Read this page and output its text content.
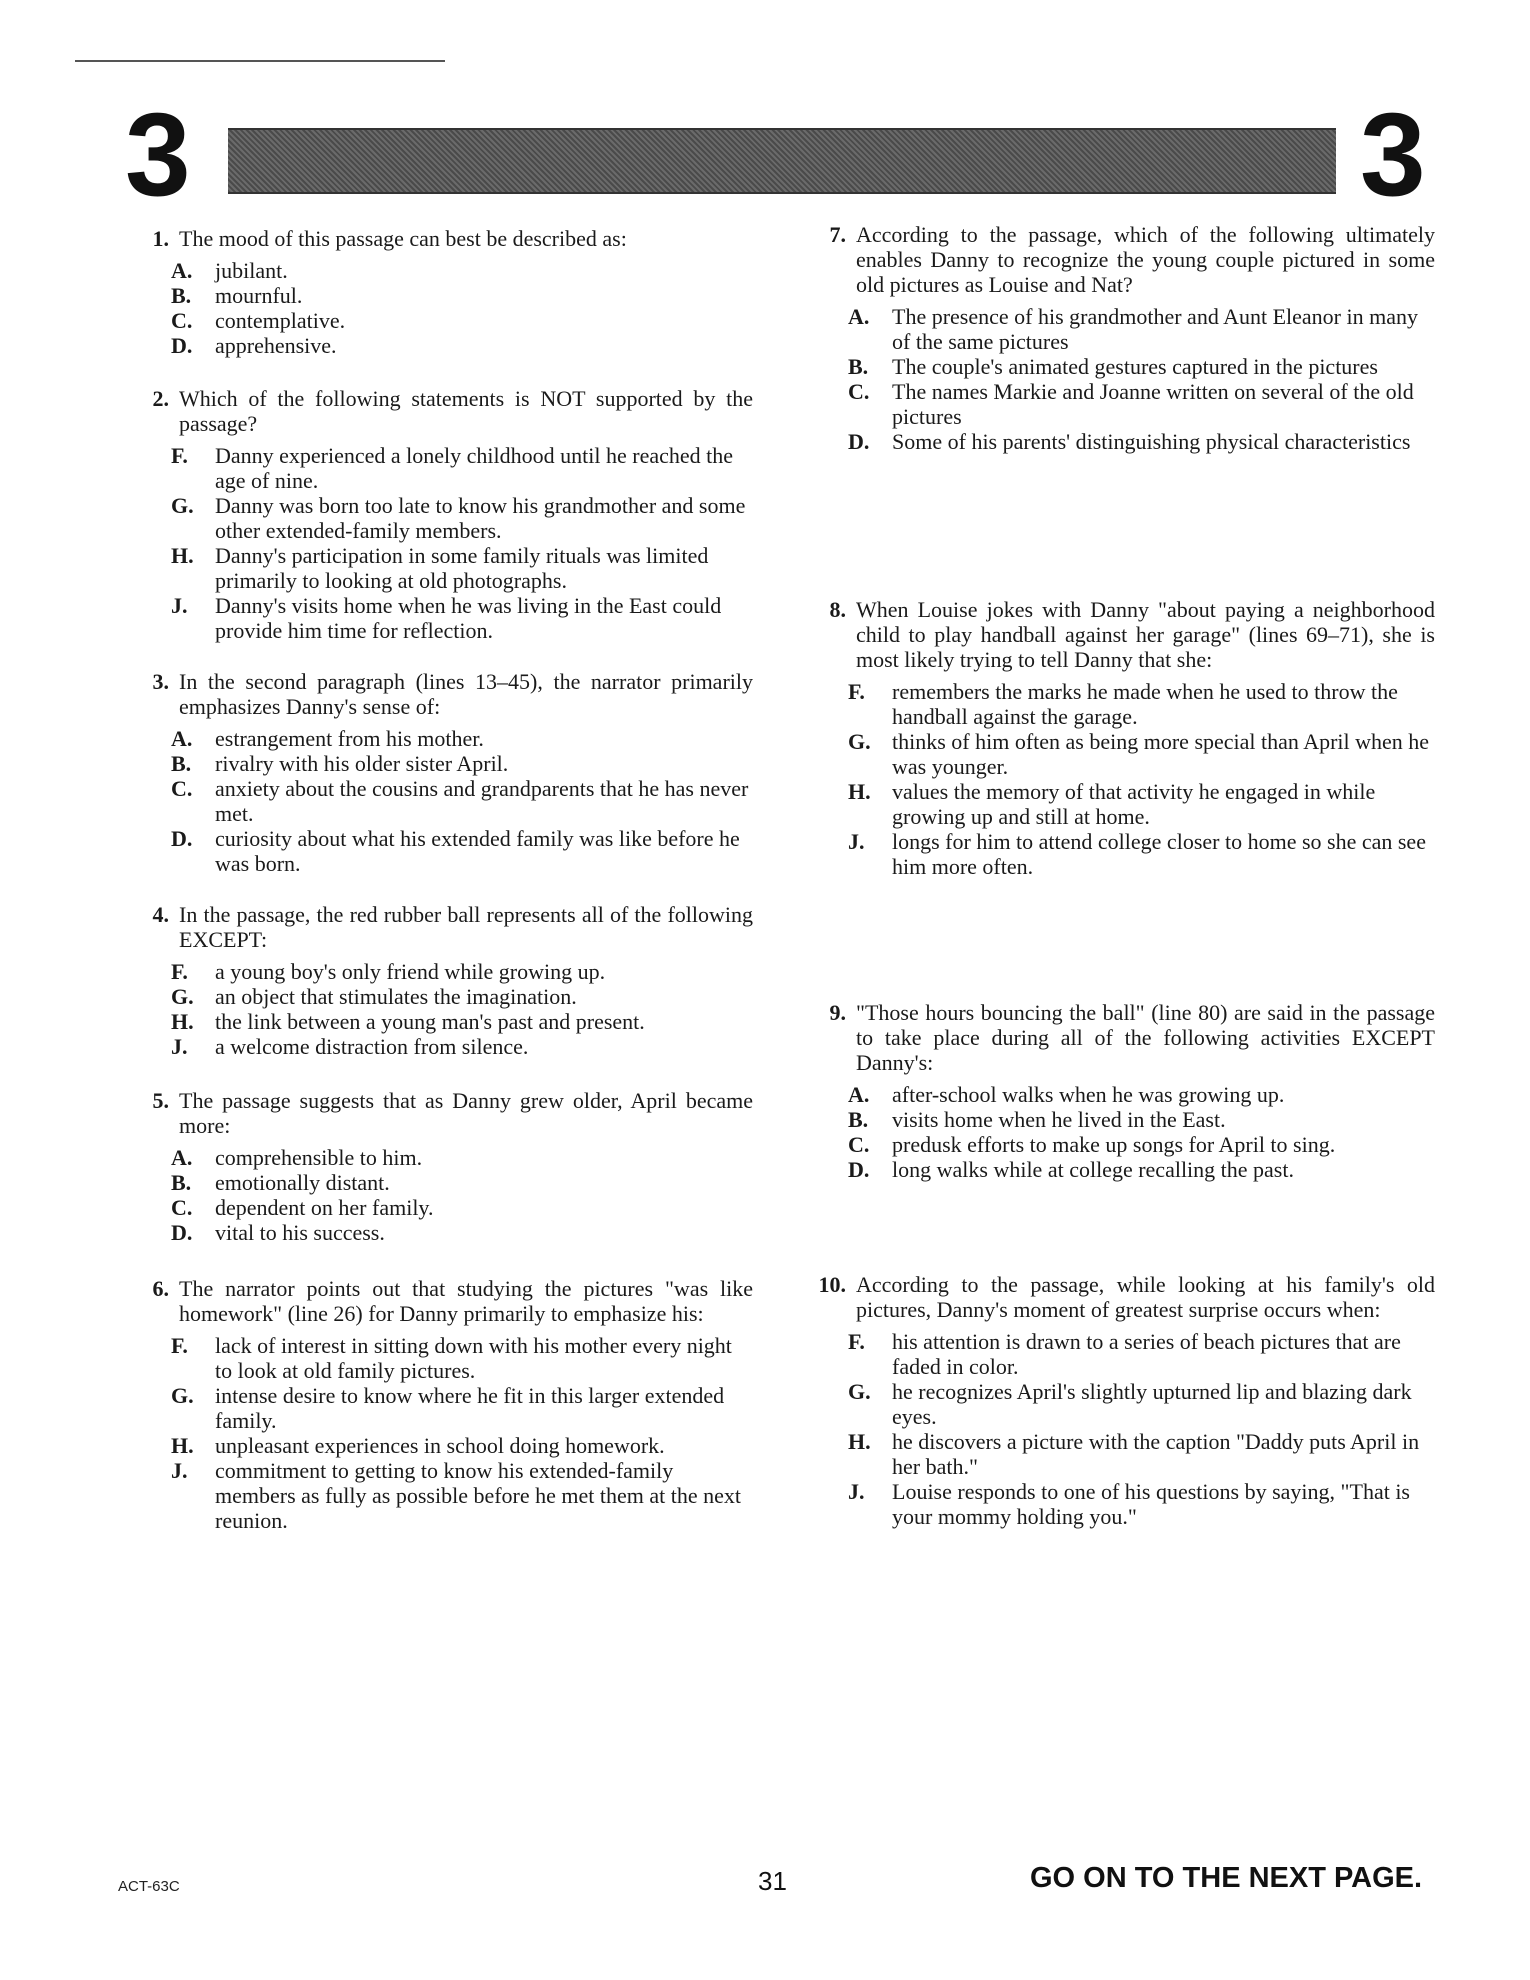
3	3
1. The mood of this passage can best be described as:
A.	jubilant.
B.	mournful.
C.	contemplative.
D.	apprehensive.
2. Which of the following statements is NOT supported by the passage?
F.	Danny experienced a lonely childhood until he reached the age of nine.
G. Danny was born too late to know his grandmother and some other extended-family members.
H. Danny's participation in some family rituals was limited primarily to looking at old photographs.
J.	Danny's visits home when he was living in the East could provide him time for reflection.
3. In the second paragraph (lines 13–45), the narrator primarily emphasizes Danny's sense of:
A.	estrangement from his mother.
B.	rivalry with his older sister April.
C.	anxiety about the cousins and grandparents that he has never met.
D.	curiosity about what his extended family was like before he was born.
4. In the passage, the red rubber ball represents all of the following EXCEPT:
F.	a young boy's only friend while growing up.
G. an object that stimulates the imagination.
H. the link between a young man's past and present.
J.	a welcome distraction from silence.
5. The passage suggests that as Danny grew older, April became more:
A.	comprehensible to him.
B.	emotionally distant.
C.	dependent on her family.
D.	vital to his success.
6. The narrator points out that studying the pictures "was like homework" (line 26) for Danny primarily to emphasize his:
F.	lack of interest in sitting down with his mother every night to look at old family pictures.
G. intense desire to know where he fit in this larger extended family.
H. unpleasant experiences in school doing homework.
J.	commitment to getting to know his extended-family members as fully as possible before he met them at the next reunion.
7. According to the passage, which of the following ultimately enables Danny to recognize the young couple pictured in some old pictures as Louise and Nat?
A.	The presence of his grandmother and Aunt Eleanor in many of the same pictures
B.	The couple's animated gestures captured in the pictures
C.	The names Markie and Joanne written on several of the old pictures
D.	Some of his parents' distinguishing physical characteristics
8. When Louise jokes with Danny "about paying a neighborhood child to play handball against her garage" (lines 69–71), she is most likely trying to tell Danny that she:
F.	remembers the marks he made when he used to throw the handball against the garage.
G. thinks of him often as being more special than April when he was younger.
H. values the memory of that activity he engaged in while growing up and still at home.
J.	longs for him to attend college closer to home so she can see him more often.
9. "Those hours bouncing the ball" (line 80) are said in the passage to take place during all of the following activities EXCEPT Danny's:
A.	after-school walks when he was growing up.
B.	visits home when he lived in the East.
C.	predusk efforts to make up songs for April to sing.
D.	long walks while at college recalling the past.
10. According to the passage, while looking at his family's old pictures, Danny's moment of greatest surprise occurs when:
F.	his attention is drawn to a series of beach pictures that are faded in color.
G. he recognizes April's slightly upturned lip and blazing dark eyes.
H. he discovers a picture with the caption "Daddy puts April in her bath."
J.	Louise responds to one of his questions by saying, "That is your mommy holding you."
ACT-63C	31	GO ON TO THE NEXT PAGE.
